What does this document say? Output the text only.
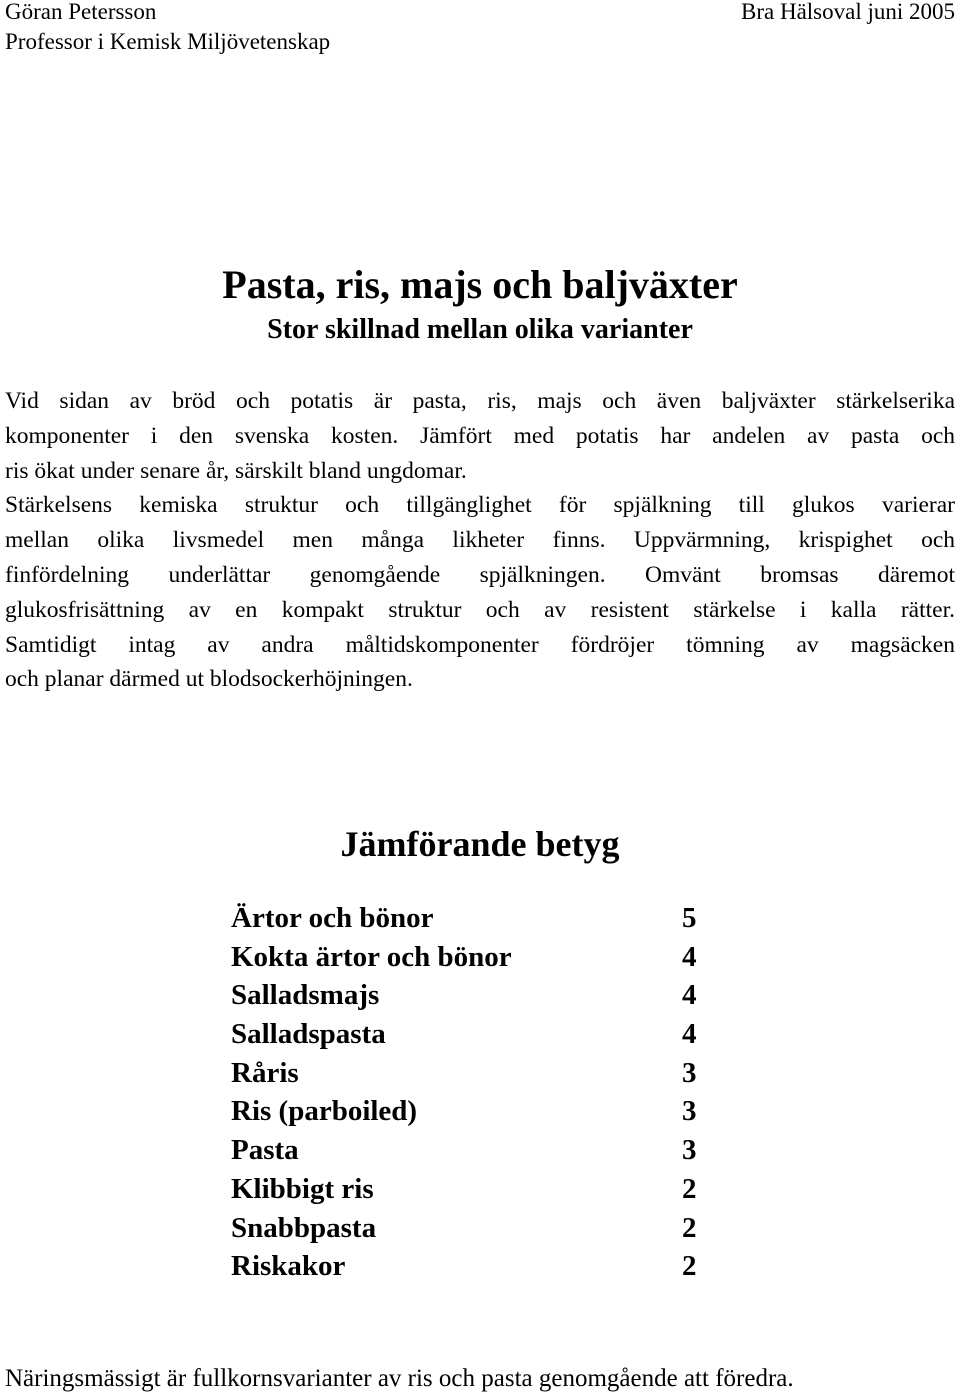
Göran Petersson
Professor i Kemisk Miljövetenskap
Bra Hälsoval juni 2005
Pasta, ris, majs och baljväxter
Stor skillnad mellan olika varianter
Vid sidan av bröd och potatis är pasta, ris, majs och även baljväxter stärkelserika
komponenter i den svenska kosten. Jämfört med potatis har andelen av pasta och
ris ökat under senare år, särskilt bland ungdomar.
Stärkelsens kemiska struktur och tillgänglighet för spjälkning till glukos varierar
mellan olika livsmedel men många likheter finns. Uppvärmning, krispighet och
finfördelning underlättar genomgående spjälkningen. Omvänt bromsas däremot
glukosfrisättning av en kompakt struktur och av resistent stärkelse i kalla rätter.
Samtidigt intag av andra måltidskomponenter fördröjer tömning av magsäcken
och planar därmed ut blodsockerhöjningen.
Jämförande betyg
Ärtor och bönor	5
Kokta ärtor och bönor	4
Salladsmajs	4
Salladspasta	4
Råris	3
Ris (parboiled)	3
Pasta	3
Klibbigt ris	2
Snabbpasta	2
Riskakor	2
Näringsmässigt är fullkornsvarianter av ris och pasta genomgående att föredra.
